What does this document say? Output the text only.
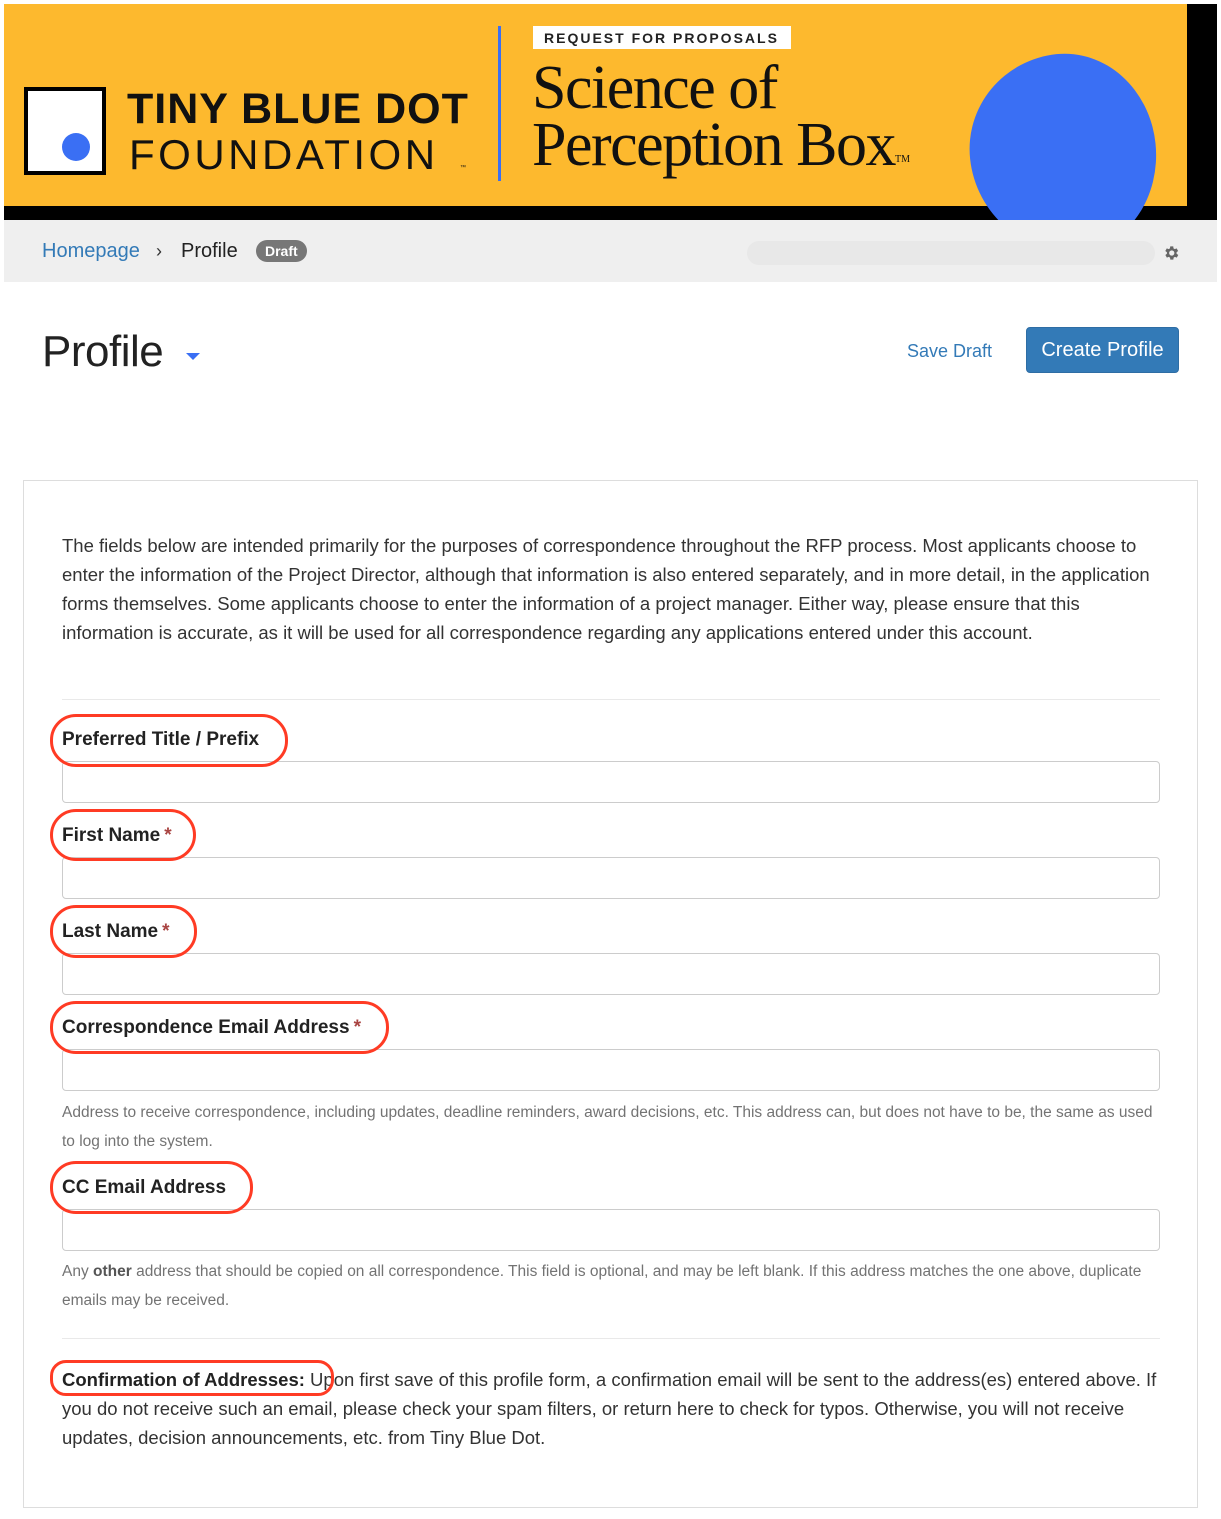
TINY BLUE DOT
FOUNDATION	™
REQUEST FOR PROPOSALS
Science of
Perception Box™
Homepage › Profile	Draft
Profile	Save Draft	Create Profile

The fields below are intended primarily for the purposes of correspondence throughout the RFP process. Most applicants choose to enter the information of the Project Director, although that information is also entered separately, and in more detail, in the application forms themselves. Some applicants choose to enter the information of a project manager. Either way, please ensure that this information is accurate, as it will be used for all correspondence regarding any applications entered under this account.

Preferred Title / Prefix
First Name *
Last Name *
Correspondence Email Address *

Address to receive correspondence, including updates, deadline reminders, award decisions, etc. This address can, but does not have to be, the same as used to log into the system.

CC Email Address

Any other address that should be copied on all correspondence. This field is optional, and may be left blank. If this address matches the one above, duplicate emails may be received.

Confirmation of Addresses: Upon first save of this profile form, a confirmation email will be sent to the address(es) entered above. If you do not receive such an email, please check your spam filters, or return here to check for typos. Otherwise, you will not receive updates, decision announcements, etc. from Tiny Blue Dot.
